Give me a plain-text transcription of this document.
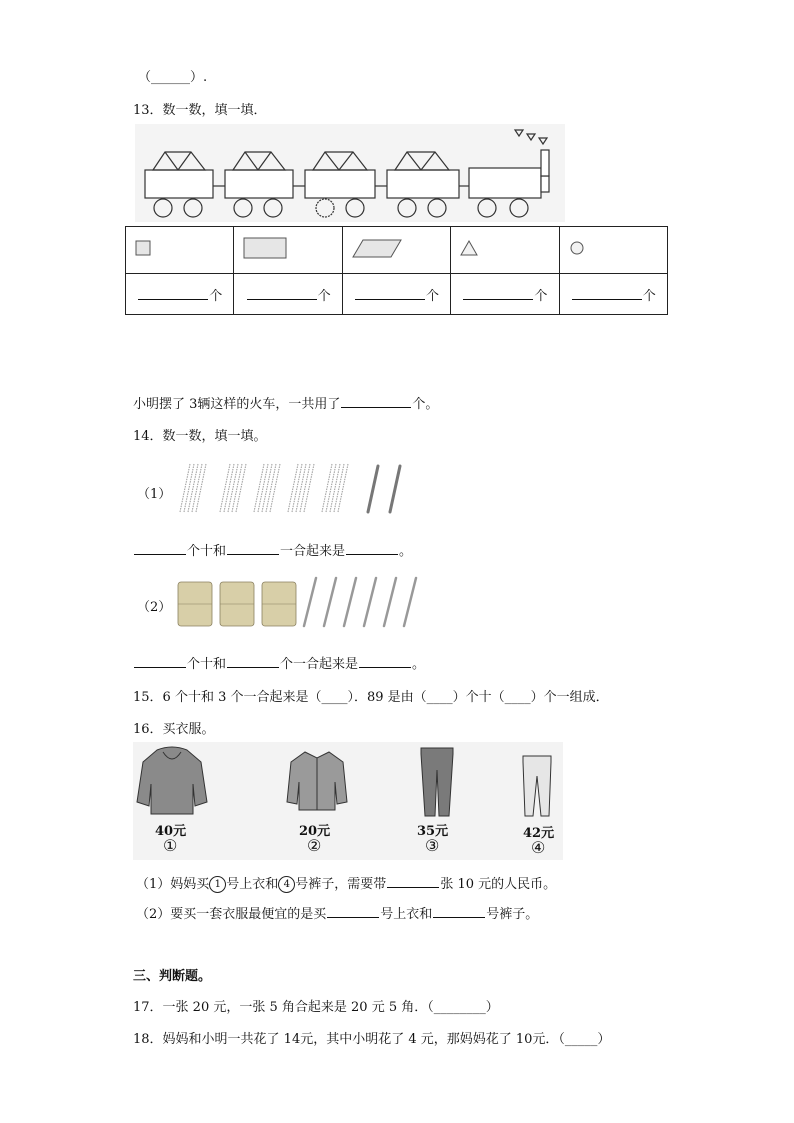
（______）.
13．数一数，填一填．

个	个	个	个	个
小明摆了 3辆这样的火车，一共用了	个。
14．数一数，填一填。
（1）
个十和	一合起来是	。
（2）
个十和	个一合起来是	。
15．6 个十和 3 个一合起来是（____）．89 是由（____）个十（____）个一组成．
16．买衣服。
40元
①
20元
②
35元
③
42元
④
（1）妈妈买 1 号上衣和 4 号裤子，需要带	张 10 元的人民币。
（2）要买一套衣服最便宜的是买	号上衣和	号裤子。
三、判断题。
17．一张 20 元，一张 5 角合起来是 20 元 5 角．（________）
18．妈妈和小明一共花了 14元，其中小明花了 4 元，那妈妈花了 10元．（_____）
